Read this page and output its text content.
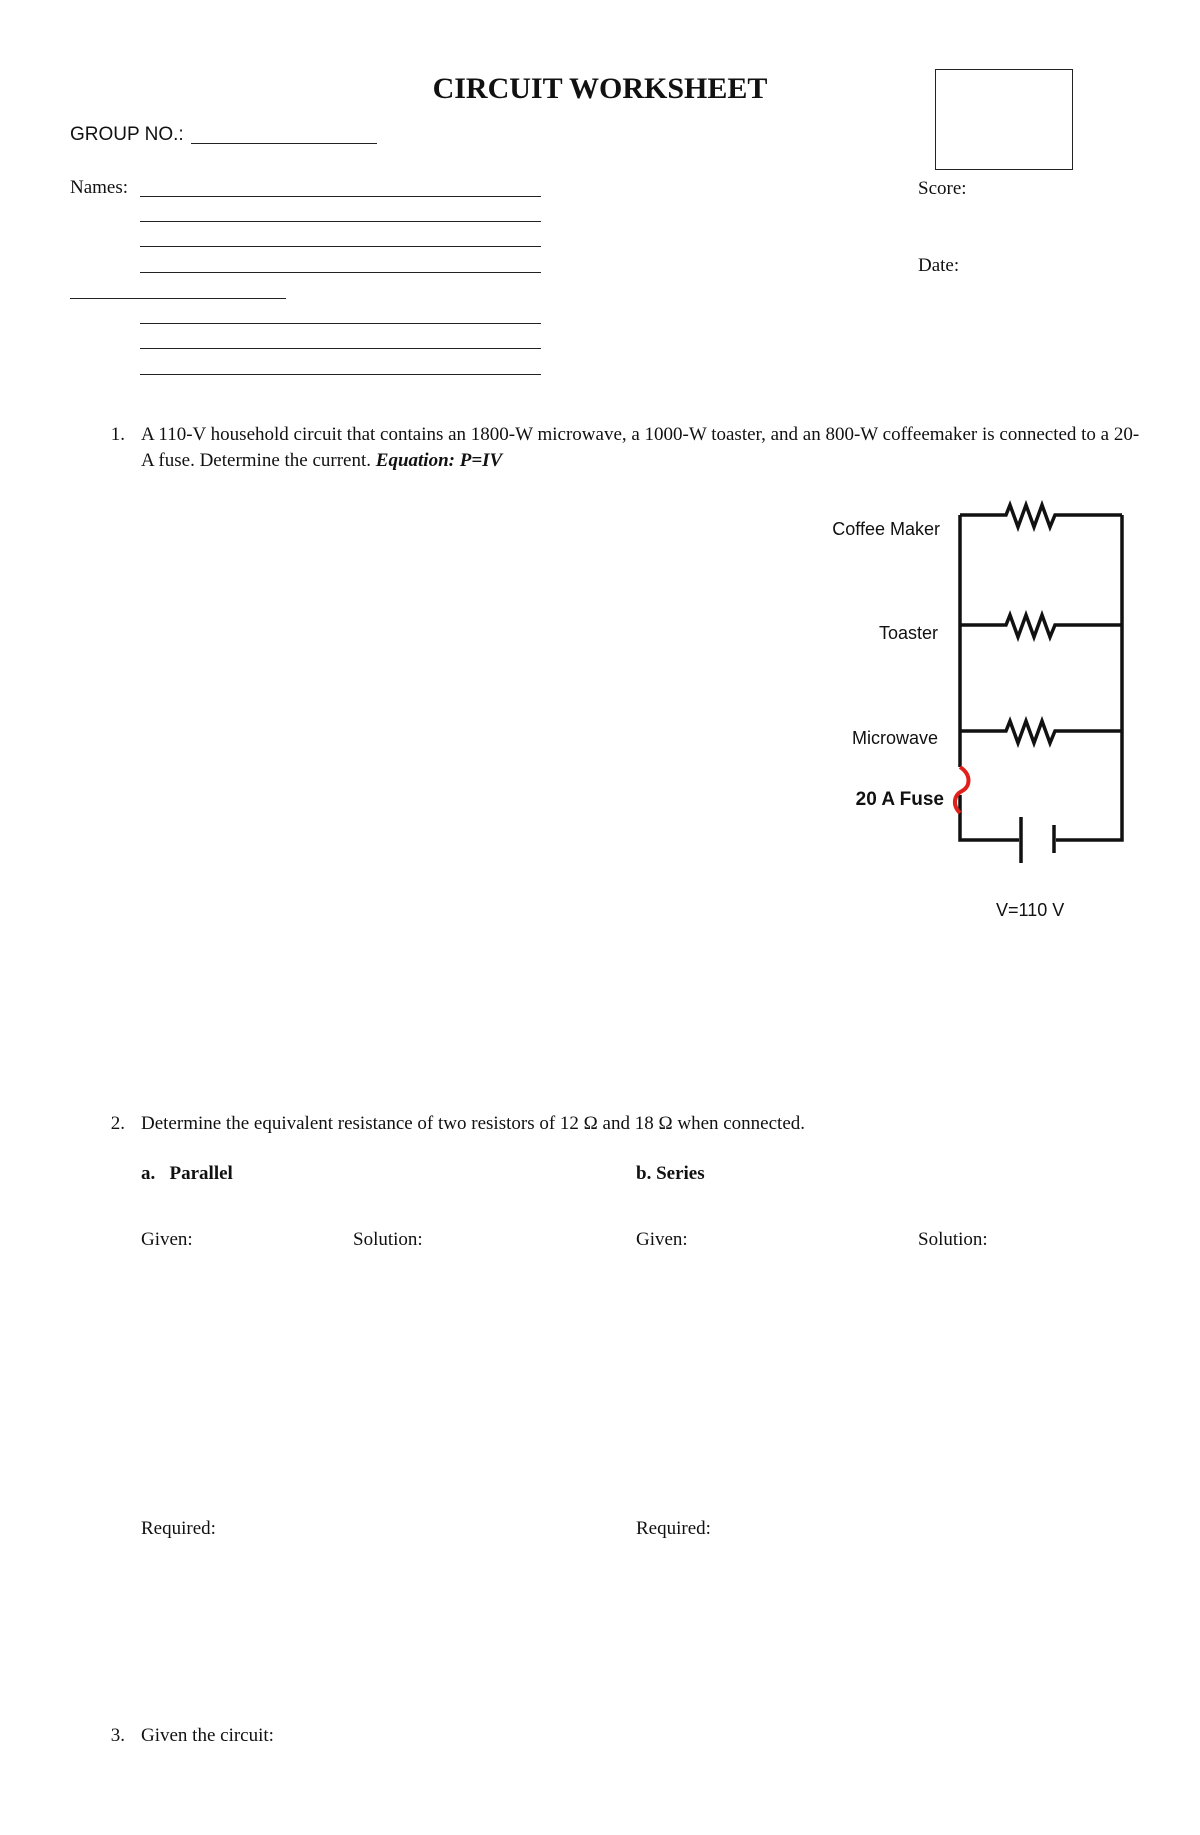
CIRCUIT WORKSHEET
GROUP NO.:
Names:	Score:
Date:
1. A 110-V household circuit that contains an 1800-W microwave, a 1000-W toaster, and an 800-W coffeemaker is connected to a 20-A fuse. Determine the current. Equation: P=IV
Coffee Maker
Toaster
Microwave
20 A Fuse
V=110 V
2. Determine the equivalent resistance of two resistors of 12 Ω and 18 Ω when connected.
a.   Parallel	b. Series
Given:	Solution:	Given:	Solution:
Required:	Required:
3. Given the circuit:
